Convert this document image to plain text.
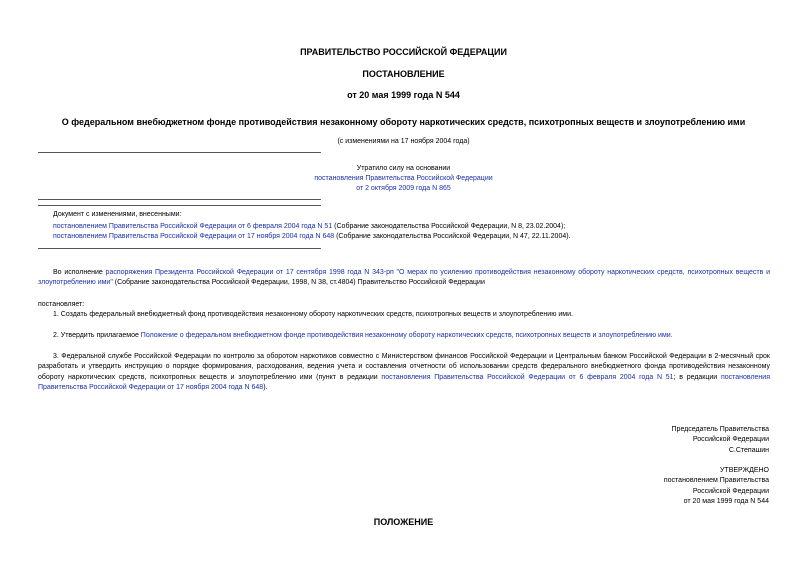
ПРАВИТЕЛЬСТВО РОССИЙСКОЙ ФЕДЕРАЦИИ
ПОСТАНОВЛЕНИЕ
от 20 мая 1999 года N 544
О федеральном внебюджетном фонде противодействия незаконному обороту наркотических средств, психотропных веществ и злоупотреблению ими
(с изменениями на 17 ноября 2004 года)
Утратило силу на основании
постановления Правительства Российской Федерации
от 2 октября 2009 года N 865
Документ с изменениями, внесенными:
постановлением Правительства Российской Федерации от 6 февраля 2004 года N 51 (Собрание законодательства Российской Федерации, N 8, 23.02.2004);
постановлением Правительства Российской Федерации от 17 ноября 2004 года N 648 (Собрание законодательства Российской Федерации, N 47, 22.11.2004).
Во исполнение распоряжения Президента Российской Федерации от 17 сентября 1998 года N 343-рп "О мерах по усилению противодействия незаконному обороту наркотических средств, психотропных веществ и злоупотреблению ими" (Собрание законодательства Российской Федерации, 1998, N 38, ст.4804) Правительство Российской Федерации
постановляет:
1. Создать федеральный внебюджетный фонд противодействия незаконному обороту наркотических средств, психотропных веществ и злоупотреблению ими.
2. Утвердить прилагаемое Положение о федеральном внебюджетном фонде противодействия незаконному обороту наркотических средств, психотропных веществ и злоупотреблению ими.
3. Федеральной службе Российской Федерации по контролю за оборотом наркотиков совместно с Министерством финансов Российской Федерации и Центральным банком Российской Федерации в 2-месячный срок разработать и утвердить инструкцию о порядке формирования, расходования, ведения учета и составления отчетности об использовании средств федерального внебюджетного фонда противодействия незаконному обороту наркотических средств, психотропных веществ и злоупотреблению ими (пункт в редакции постановления Правительства Российской Федерации от 6 февраля 2004 года N 51; в редакции постановления Правительства Российской Федерации от 17 ноября 2004 года N 648).
Председатель Правительства
Российской Федерации
С.Степашин
УТВЕРЖДЕНО
постановлением Правительства
Российской Федерации
от 20 мая 1999 года N 544
ПОЛОЖЕНИЕ
